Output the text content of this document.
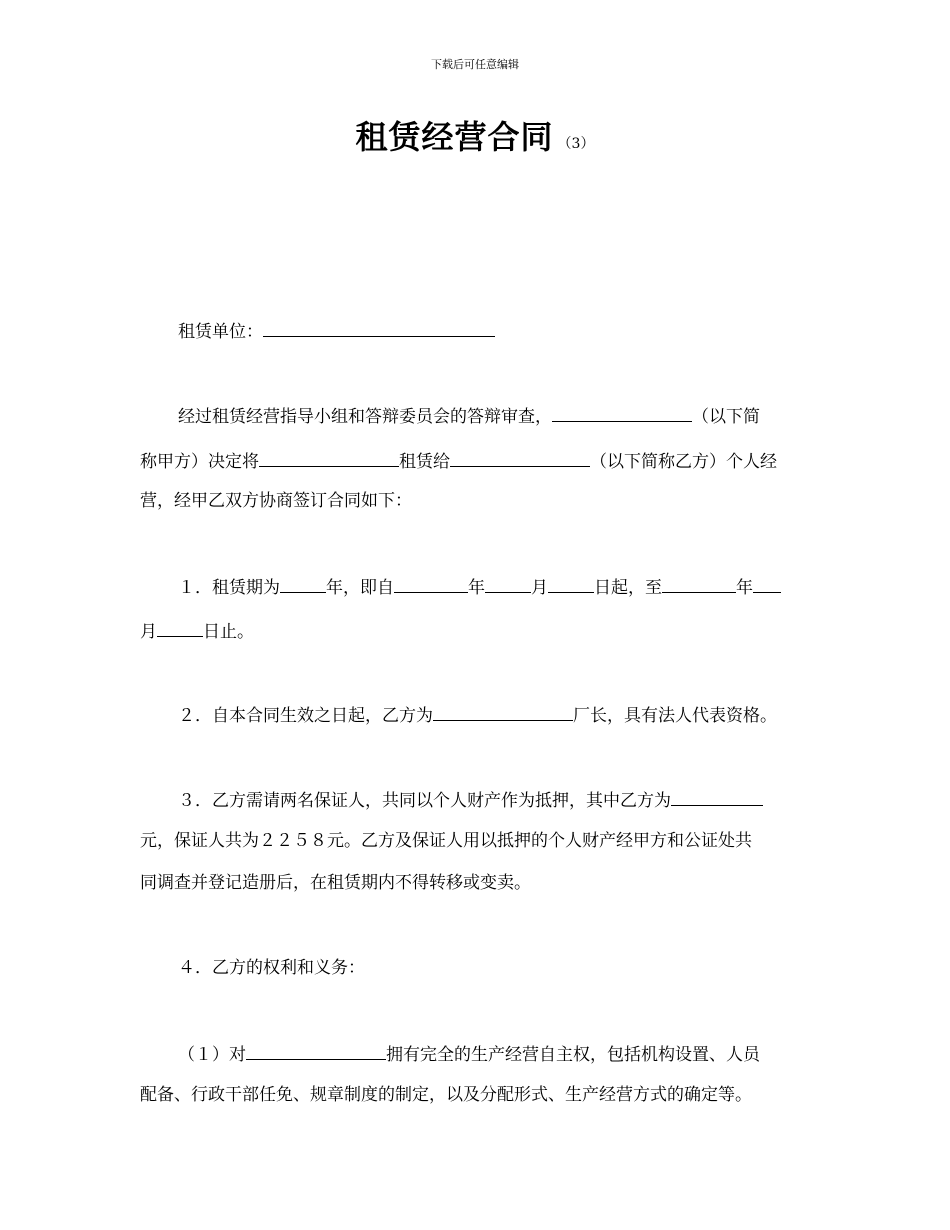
下载后可任意编辑
租赁经营合同 （3）
租赁单位：
经过租赁经营指导小组和答辩委员会的答辩审查，	（以下简
称甲方）决定将	租赁给	（以下简称乙方）个人经
营，经甲乙双方协商签订合同如下：
１．租赁期为	年，即自	年	月	日起，至	年
月	日止。
２．自本合同生效之日起，乙方为	厂长，具有法人代表资格。
３．乙方需请两名保证人，共同以个人财产作为抵押，其中乙方为
元，保证人共为２２５８元。乙方及保证人用以抵押的个人财产经甲方和公证处共
同调查并登记造册后，在租赁期内不得转移或变卖。
４．乙方的权利和义务：
（１）对	拥有完全的生产经营自主权，包括机构设置、人员
配备、行政干部任免、规章制度的制定，以及分配形式、生产经营方式的确定等。
